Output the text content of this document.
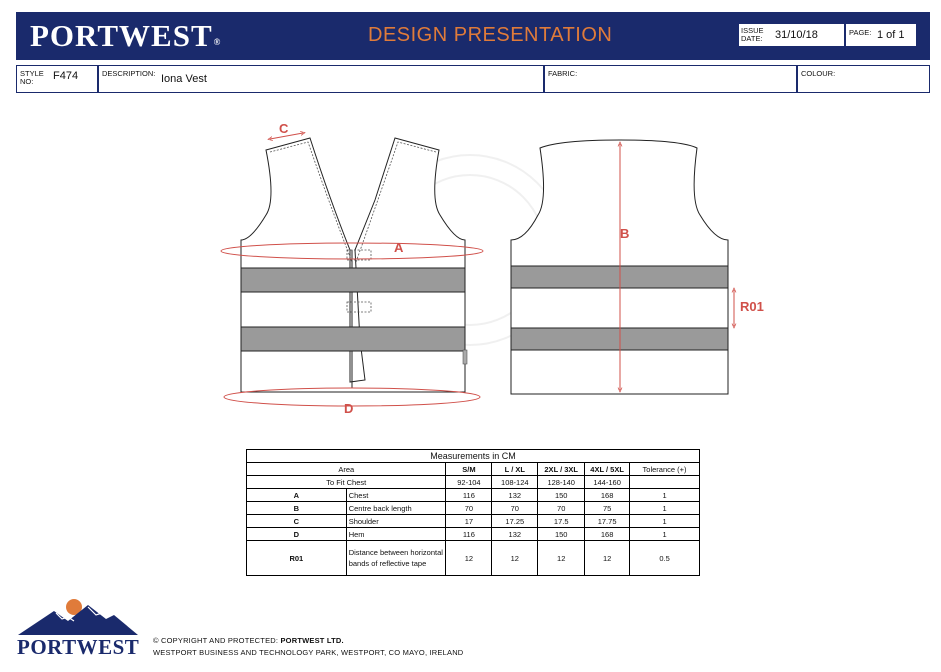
PORTWEST®	DESIGN PRESENTATION	ISSUE DATE:	31/10/18	PAGE: 1 of 1
STYLE NO:	F474	DESCRIPTION: Iona Vest	FABRIC:	COLOUR:
C
A
D
B
R01
Measurements in CM						
Area		S/M	L / XL	2XL / 3XL	4XL / 5XL	Tolerance (+)
To Fit Chest		92-104	108-124	128-140	144-160	
A	Chest	116	132	150	168	1
B	Centre back length	70	70	70	75	1
C	Shoulder	17	17.25	17.5	17.75	1
D	Hem	116	132	150	168	1
R01	Distance between horizontal bands of reflective tape	12	12	12	12	0.5
PORTWEST © COPYRIGHT AND PROTECTED: PORTWEST LTD.
WESTPORT BUSINESS AND TECHNOLOGY PARK, WESTPORT, CO MAYO, IRELAND
